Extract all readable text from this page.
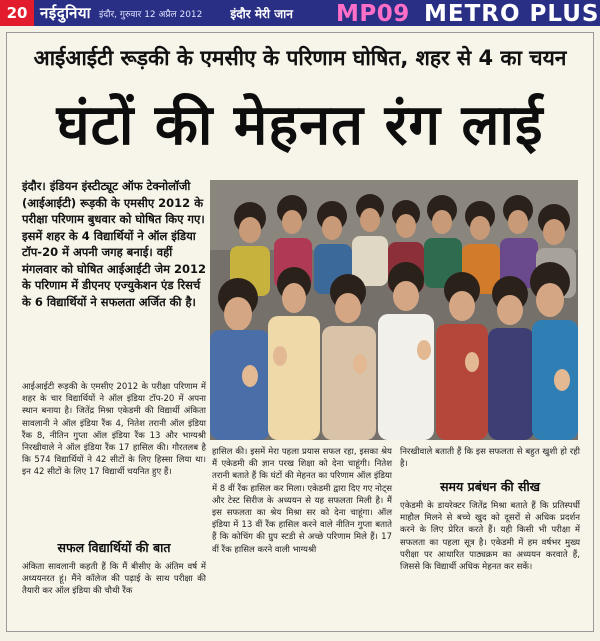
20 नईदुनिया इंदौर, गुरुवार 12 अप्रैल 2012 इंदौर मेरी जान MP09 METRO PLUS
आईआईटी रूड़की के एमसीए के परिणाम घोषित, शहर से 4 का चयन
घंटों की मेहनत रंग लाई
इंदौर। इंडियन इंस्टीट्यूट ऑफ टेक्नोलॉजी (आईआईटी) रूड़की के एमसीए 2012 के परीक्षा परिणाम बुधवार को घोषित किए गए। इसमें शहर के 4 विद्यार्थियों ने ऑल इंडिया टॉप-20 में अपनी जगह बनाई। वहीं मंगलवार को घोषित आईआईटी जेम 2012 के परिणाम में डीएनए एज्युकेशन एंड रिसर्च के 6 विद्यार्थियों ने सफलता अर्जित की है।
आईआईटी रूड़की के एमसीए 2012 के परीक्षा परिणाम में शहर के चार विद्यार्थियों ने ऑल इंडिया टॉप-20 में अपना स्थान बनाया है। जितेंद्र मिश्रा एकेडमी की विद्यार्थी अंकिता सावलानी ने ऑल इंडिया रैंक 4, नितेश तरानी ऑल इंडिया रैंक 8, नीतिन गुप्ता ऑल इंडिया रैंक 13 और भाग्यश्री निरखीवाले ने ऑल इंडिया रैंक 17 हासिल की। गौरतलब है कि 574 विद्यार्थियों ने 42 सीटों के लिए हिस्सा लिया था। इन 42 सीटों के लिए 17 विद्यार्थी चयनित हुए हैं।
सफल विद्यार्थियों की बात
अंकिता सावलानी कहती हैं कि मैं बीसीए के अंतिम वर्ष में अध्ययनरत हूं। मैंने कॉलेज की पढ़ाई के साथ परीक्षा की तैयारी कर ऑल इंडिया की चौथी रैंक
हासिल की। इसमें मेरा पहला प्रयास सफल रहा, इसका श्रेय मैं एकेडमी की ज्ञान परख शिक्षा को देना चाहूंगी। नितेश तरानी बताते हैं कि घंटों की मेहनत का परिणाम ऑल इंडिया में 8 वीं रैंक हासिल कर मिला। एकेडमी द्वारा दिए गए नोट्स और टेस्ट सिरीज के अध्ययन से यह सफलता मिली है। मैं इस सफलता का श्रेय मिश्रा सर को देना चाहूंगा। ऑल इंडिया में 13 वीं रैंक हासिल करने वाले नीतिन गुप्ता बताते हैं कि कोचिंग की ग्रुप स्टडी से अच्छे परिणाम मिले हैं। 17 वीं रैंक हासिल करने वाली भाग्यश्री
निरखीवाले बताती हैं कि इस सफलता से बहुत खुशी हो रही है।
समय प्रबंधन की सीख
एकेडमी के डायरेक्टर जितेंद्र मिश्रा बताते हैं कि प्रतिस्पर्धी माहौल मिलने से बच्चे खुद को दूसरों से अधिक प्रदर्शन करने के लिए प्रेरित करते हैं। यही किसी भी परीक्षा में सफलता का पहला सूत्र है। एकेडमी में हम वर्षभर मुख्य परीक्षा पर आधारित पाठ्यक्रम का अध्ययन करवाते हैं, जिससे कि विद्यार्थी अधिक मेहनत कर सकें।
